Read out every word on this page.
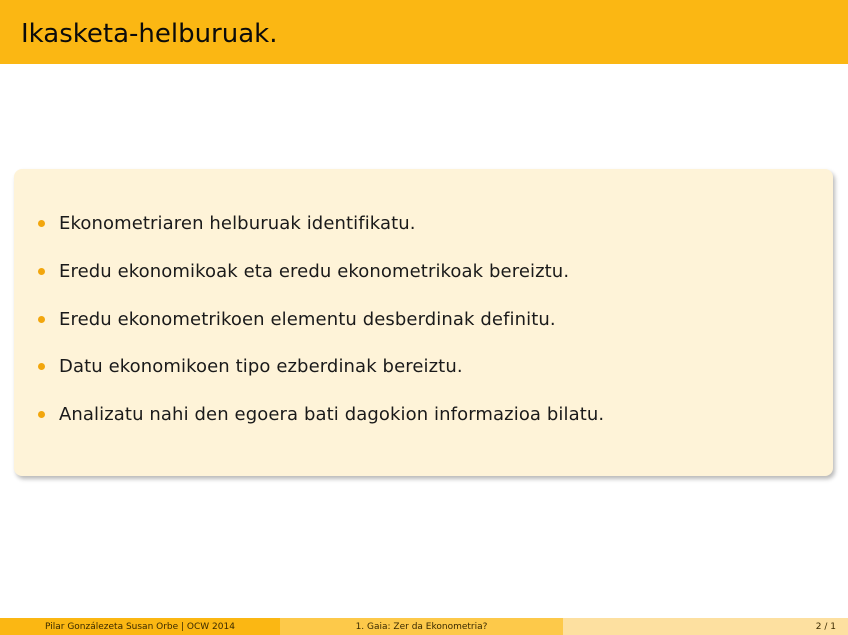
Ikasketa-helburuak.
Ekonometriaren helburuak identifikatu.
Eredu ekonomikoak eta eredu ekonometrikoak bereiztu.
Eredu ekonometrikoen elementu desberdinak definitu.
Datu ekonomikoen tipo ezberdinak bereiztu.
Analizatu nahi den egoera bati dagokion informazioa bilatu.
Pilar Gonzálezeta Susan Orbe | OCW 2014	1. Gaia: Zer da Ekonometria?	2 / 1
